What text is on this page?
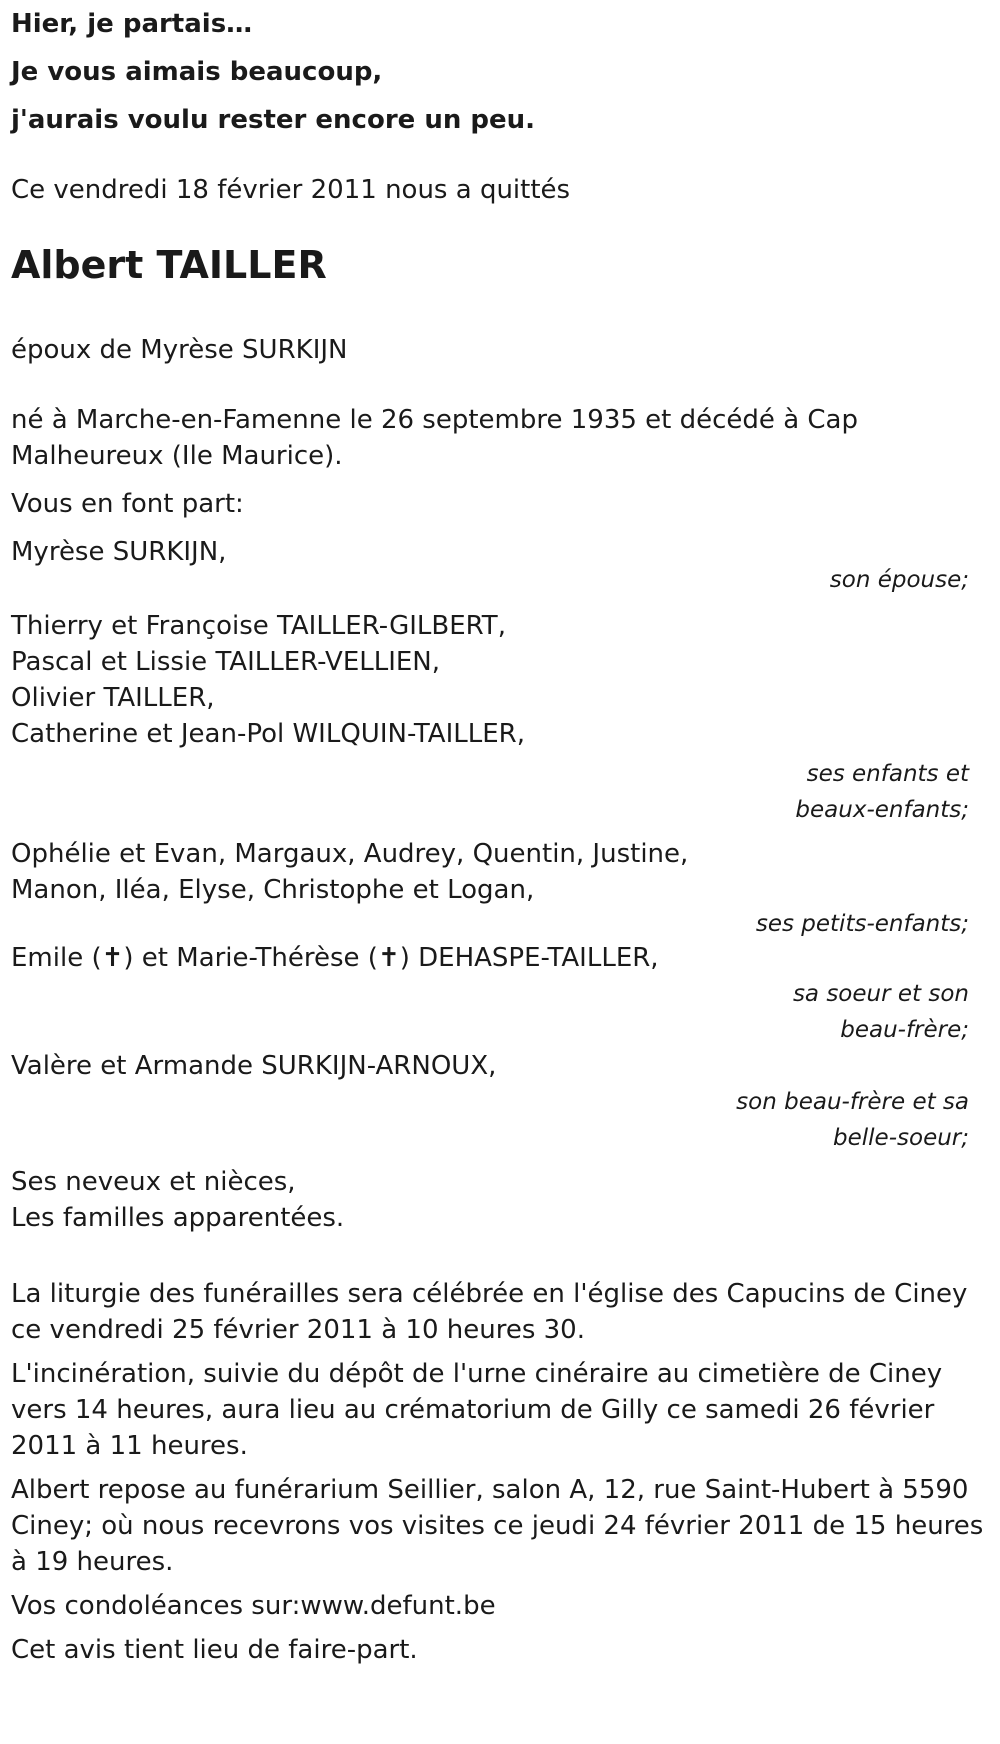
Hier, je partais…

Je vous aimais beaucoup,

j'aurais voulu rester encore un peu.

Ce vendredi 18 février 2011 nous a quittés

Albert TAILLER

époux de Myrèse SURKIJN

né à Marche-en-Famenne le 26 septembre 1935 et décédé à Cap

Malheureux (Ile Maurice).

Vous en font part:

Myrèse SURKIJN,

son épouse;

Thierry et Françoise TAILLER-GILBERT,

Pascal et Lissie TAILLER-VELLIEN,

Olivier TAILLER,

Catherine et Jean-Pol WILQUIN-TAILLER,

ses enfants et

beaux-enfants;

Ophélie et Evan, Margaux, Audrey, Quentin, Justine,

Manon, Iléa, Elyse, Christophe et Logan,

ses petits-enfants;

Emile (✝) et Marie-Thérèse (✝) DEHASPE-TAILLER,

sa soeur et son

beau-frère;

Valère et Armande SURKIJN-ARNOUX,

son beau-frère et sa

belle-soeur;

Ses neveux et nièces,

Les familles apparentées.

La liturgie des funérailles sera célébrée en l'église des Capucins de Ciney

ce vendredi 25 février 2011 à 10 heures 30.

L'incinération, suivie du dépôt de l'urne cinéraire au cimetière de Ciney

vers 14 heures, aura lieu au crématorium de Gilly ce samedi 26 février

2011 à 11 heures.

Albert repose au funérarium Seillier, salon A, 12, rue Saint-Hubert à 5590

Ciney; où nous recevrons vos visites ce jeudi 24 février 2011 de 15 heures

à 19 heures.

Vos condoléances sur:www.defunt.be

Cet avis tient lieu de faire-part.
